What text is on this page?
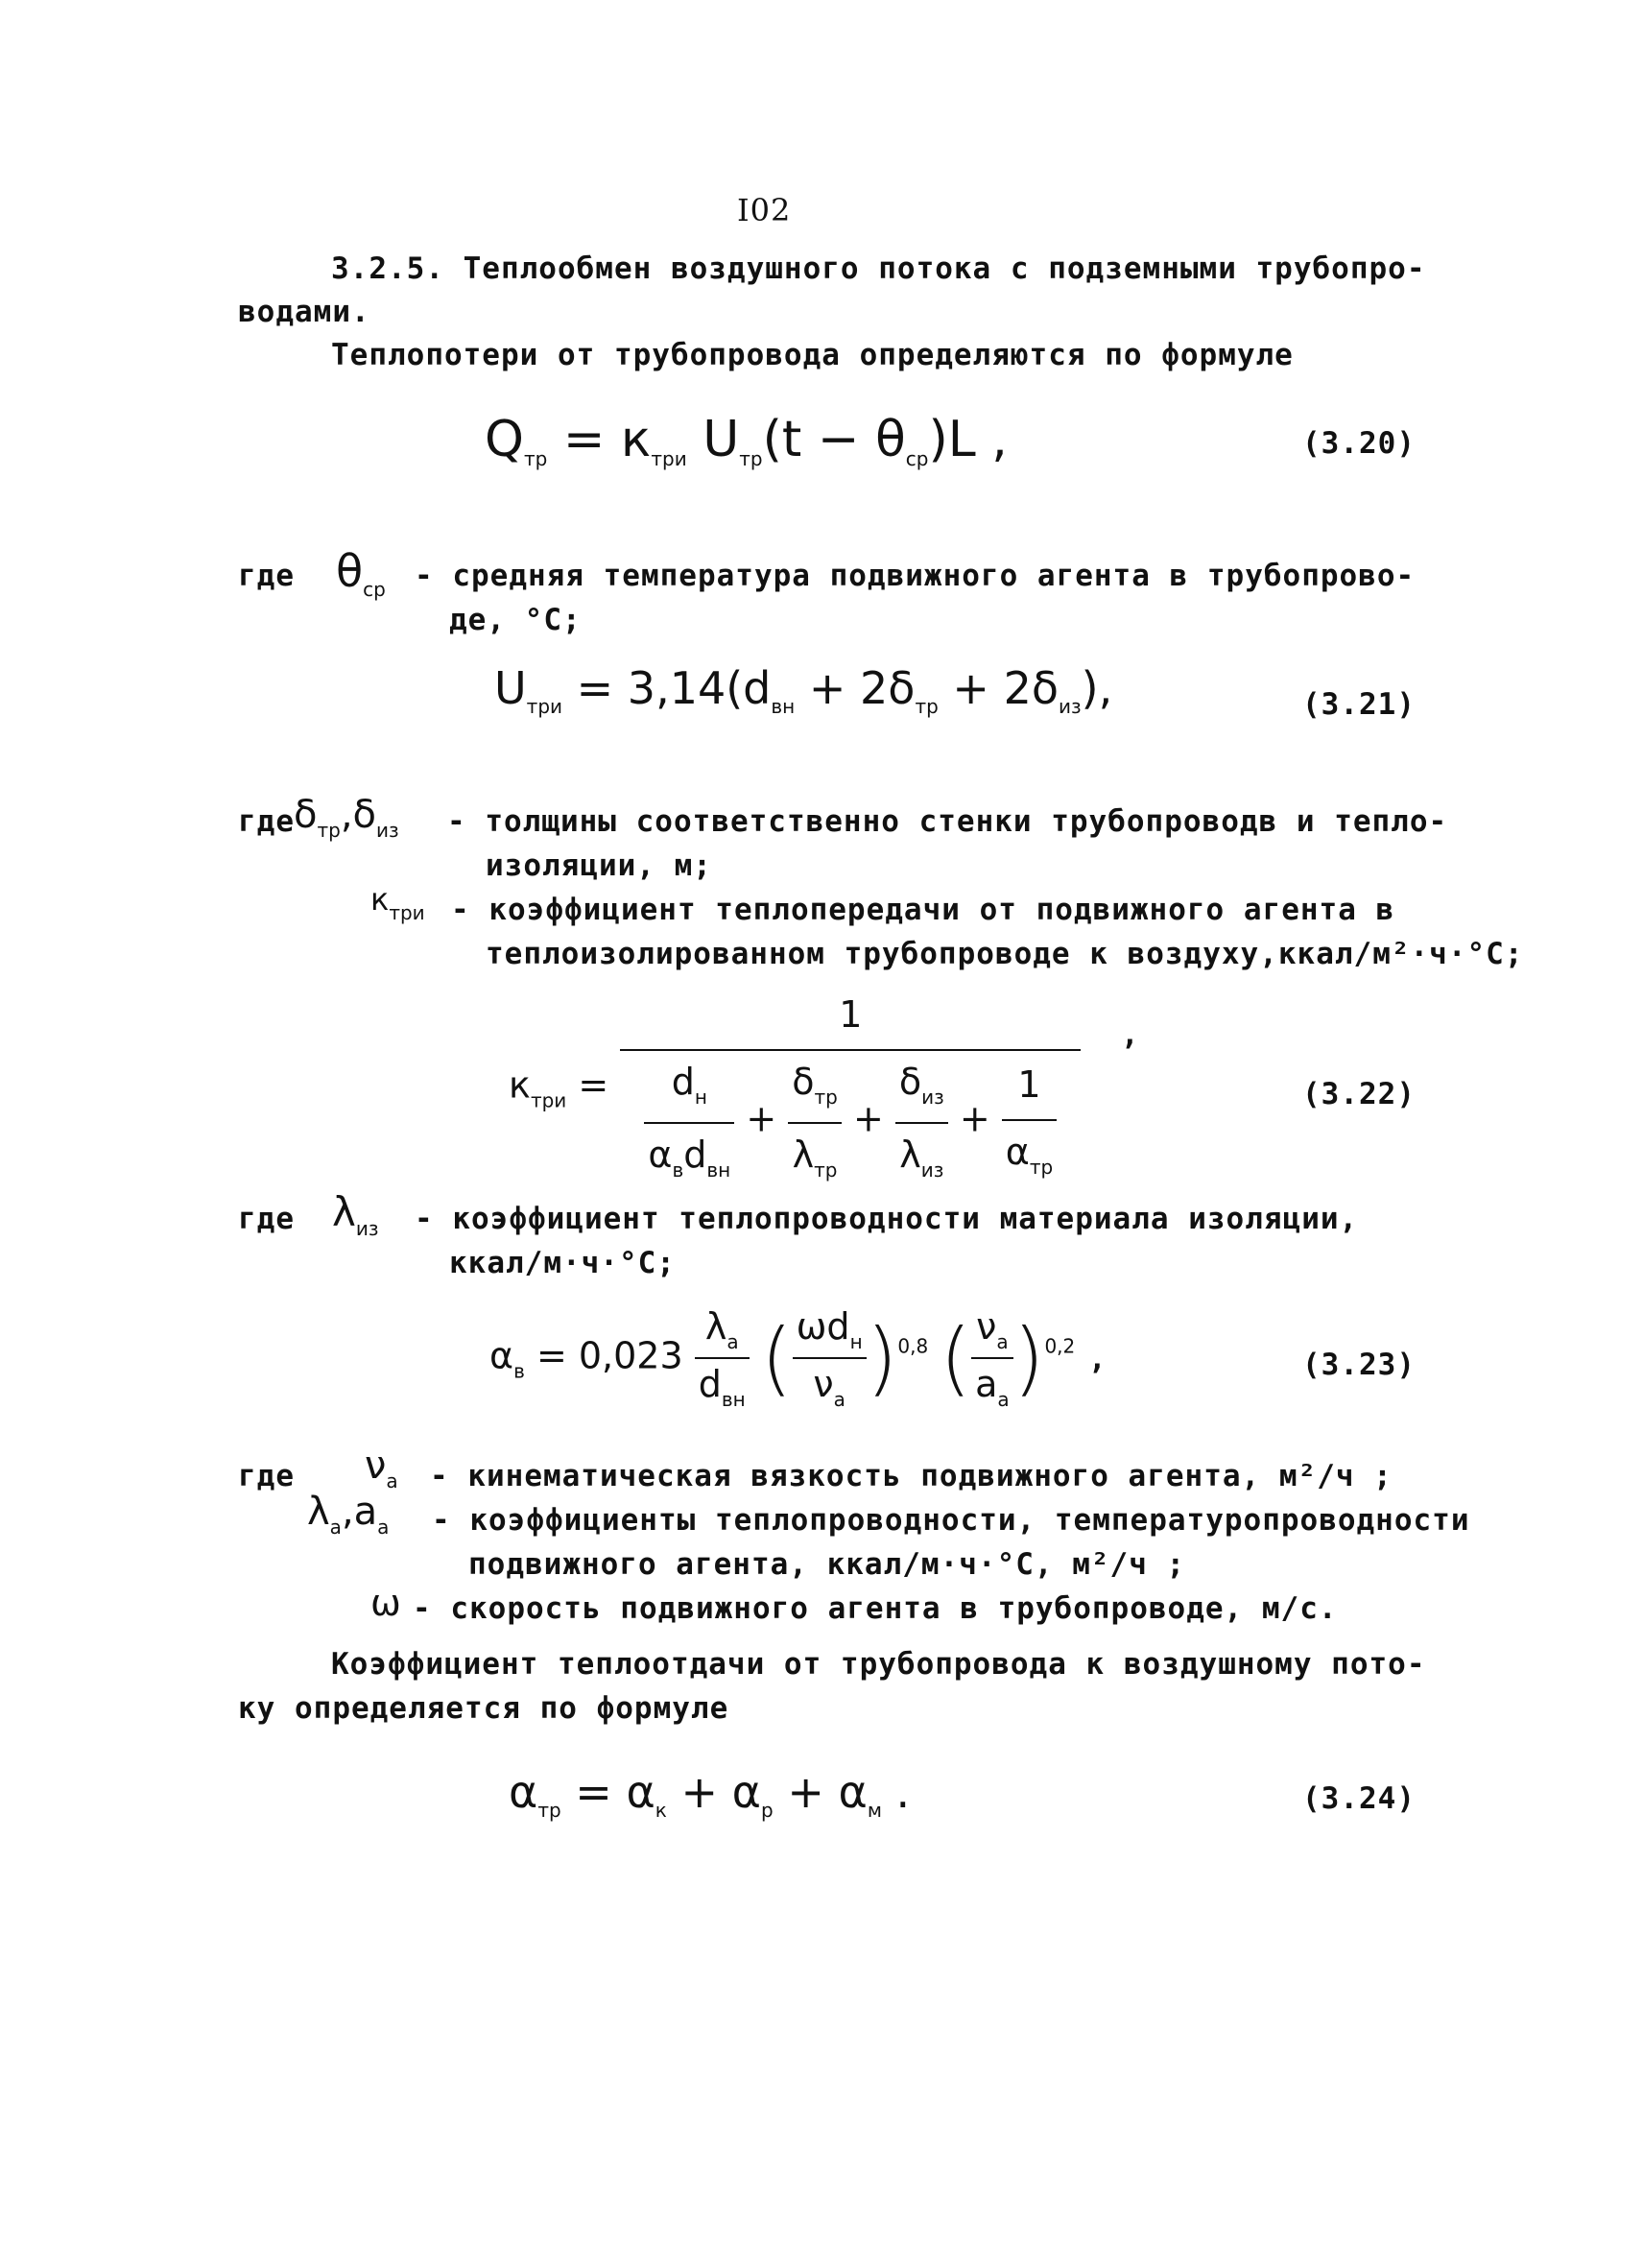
I02
3.2.5. Теплообмен воздушного потока с подземными трубопро-
водами.
Теплопотери от трубопровода определяются по формуле
$Q_{тр} = к_{три}$ $U_{тр}(t - \theta_{ср})L$ ,	(3.20)
где $\theta_{ср}$ - средняя температура подвижного агента в трубопрово-
де, °С;
$U_{три} = 3,14(d_{вн} + 2\delta_{тр} + 2\delta_{из})$,	(3.21)
где $\delta_{тр},\delta_{из}$ - толщины соответственно стенки трубопроводв и тепло-
изоляции, м;
$к_{три}$ - коэффициент теплопередачи от подвижного агента в
теплоизолированном трубопроводе к воздуху,ккал/м²·ч·°С;
$к_{три}$ =
1
$\frac{d_н}{\alpha_вd_{вн}} + \frac{\delta_{тр}}{\lambda_{тр}} + \frac{\delta_{из}}{\lambda_{из}} + \frac{1}{\alpha_{тр}}$
,
(3.22)
где $\lambda_{из}$ - коэффициент теплопроводности материала изоляции,
ккал/м·ч·°С;
$\alpha_в = 0,023 \frac{\lambda_а}{d_{вн}}$ ( $\frac{\omega d_н}{\nu_а} )^{0,8}$ ( $\frac{\nu_а}{a_а} )^{0,2}$ ,	(3.23)
где $\nu_а$ - кинематическая вязкость подвижного агента, м²/ч ;
$\lambda_а,a_а$ - коэффициенты теплопроводности, температуропроводности
подвижного агента, ккал/м·ч·°С, м²/ч ;
ω - скорость подвижного агента в трубопроводе, м/с.
Коэффициент теплоотдачи от трубопровода к воздушному пото-
ку определяется по формуле
$\alpha_{тр} = \alpha_к + \alpha_р + \alpha_м$ .	(3.24)
